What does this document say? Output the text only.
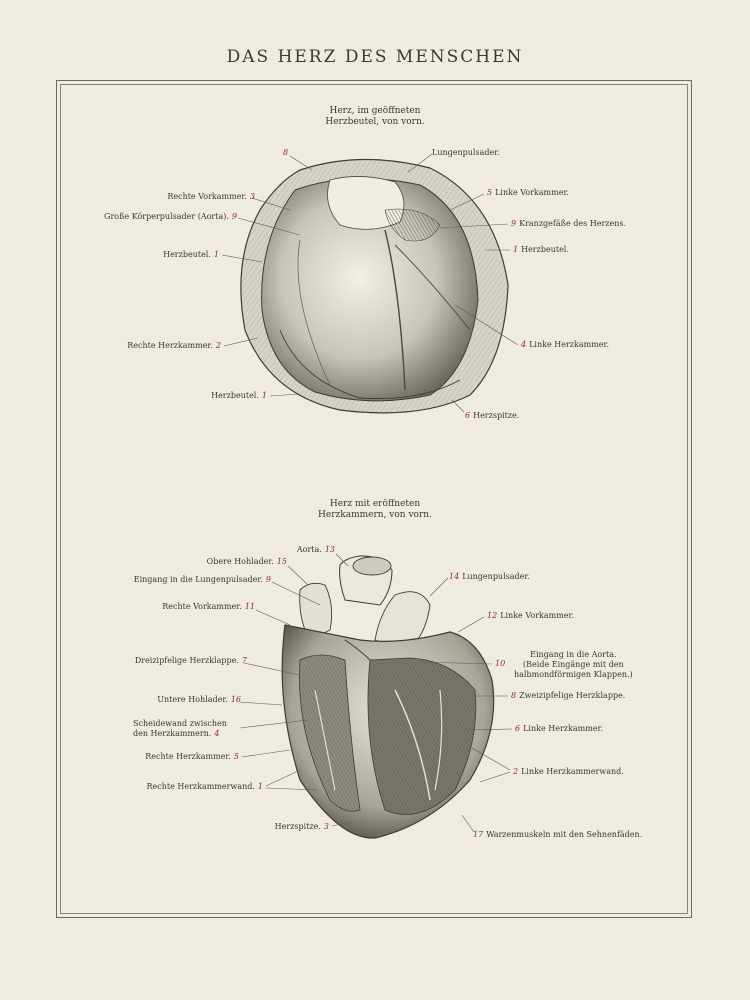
DAS HERZ DES MENSCHEN
Herz, im geöffneten
Herzbeutel, von vorn.
8	Lungenpulsader.
Rechte Vorkammer. 3	5 Linke Vorkammer.
Große Körperpulsader (Aorta). 9
9 Kranzgefäße des Herzens.
Herzbeutel. 1
1 Herzbeutel.
Rechte Herzkammer. 2	4 Linke Herzkammer.
Herzbeutel. 1
6 Herzspitze.
Herz mit eröffneten
Herzkammern, von vorn.
Aorta. 13
Obere Hohlader. 15
14 Lungenpulsader.
Eingang in die Lungenpulsader. 9
Rechte Vorkammer. 11
12 Linke Vorkammer.
Dreizipfelige Herzklappe. 7	10
Eingang in die Aorta.
(Beide Eingänge mit den
halbmondförmigen Klappen.)
Untere Hohlader. 16	8 Zweizipfelige Herzklappe.
Scheidewand zwischen den Herzkammern. 4
6 Linke Herzkammer.
Rechte Herzkammer. 5
2 Linke Herzkammerwand.
Rechte Herzkammerwand. 1
Herzspitze. 3
17 Warzenmuskeln mit den Sehnenfäden.
